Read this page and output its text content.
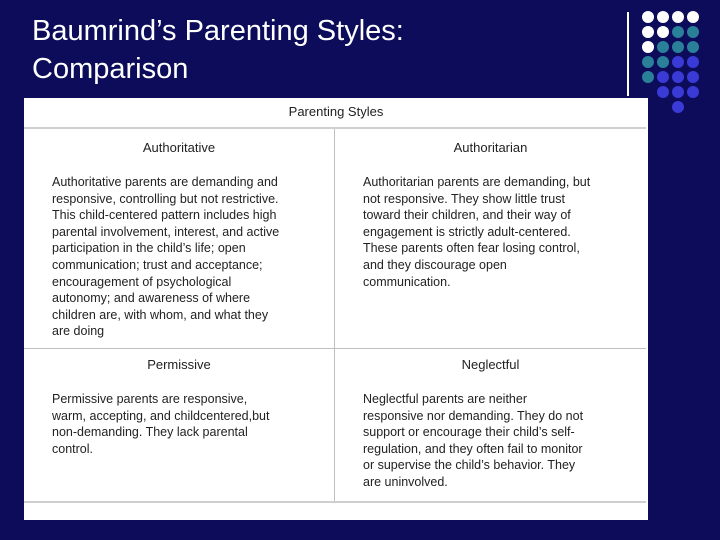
Baumrind’s Parenting Styles:
Comparison
Parenting Styles
Authoritative
Authoritative parents are demanding and
responsive, controlling but not restrictive.
This child-centered pattern includes high
parental involvement, interest, and active
participation in the child’s life; open
communication; trust and acceptance;
encouragement of psychological
autonomy; and awareness of where
children are, with whom, and what they
are doing
Authoritarian
Authoritarian parents are demanding, but
not responsive. They show little trust
toward their children, and their way of
engagement is strictly adult-centered.
These parents often fear losing control,
and they discourage open
communication.
Permissive
Permissive parents are responsive,
warm, accepting, and childcentered,but
non-demanding. They lack parental
control.
Neglectful
Neglectful parents are neither
responsive nor demanding. They do not
support or encourage their child’s self-
regulation, and they often fail to monitor
or supervise the child’s behavior. They
are uninvolved.
